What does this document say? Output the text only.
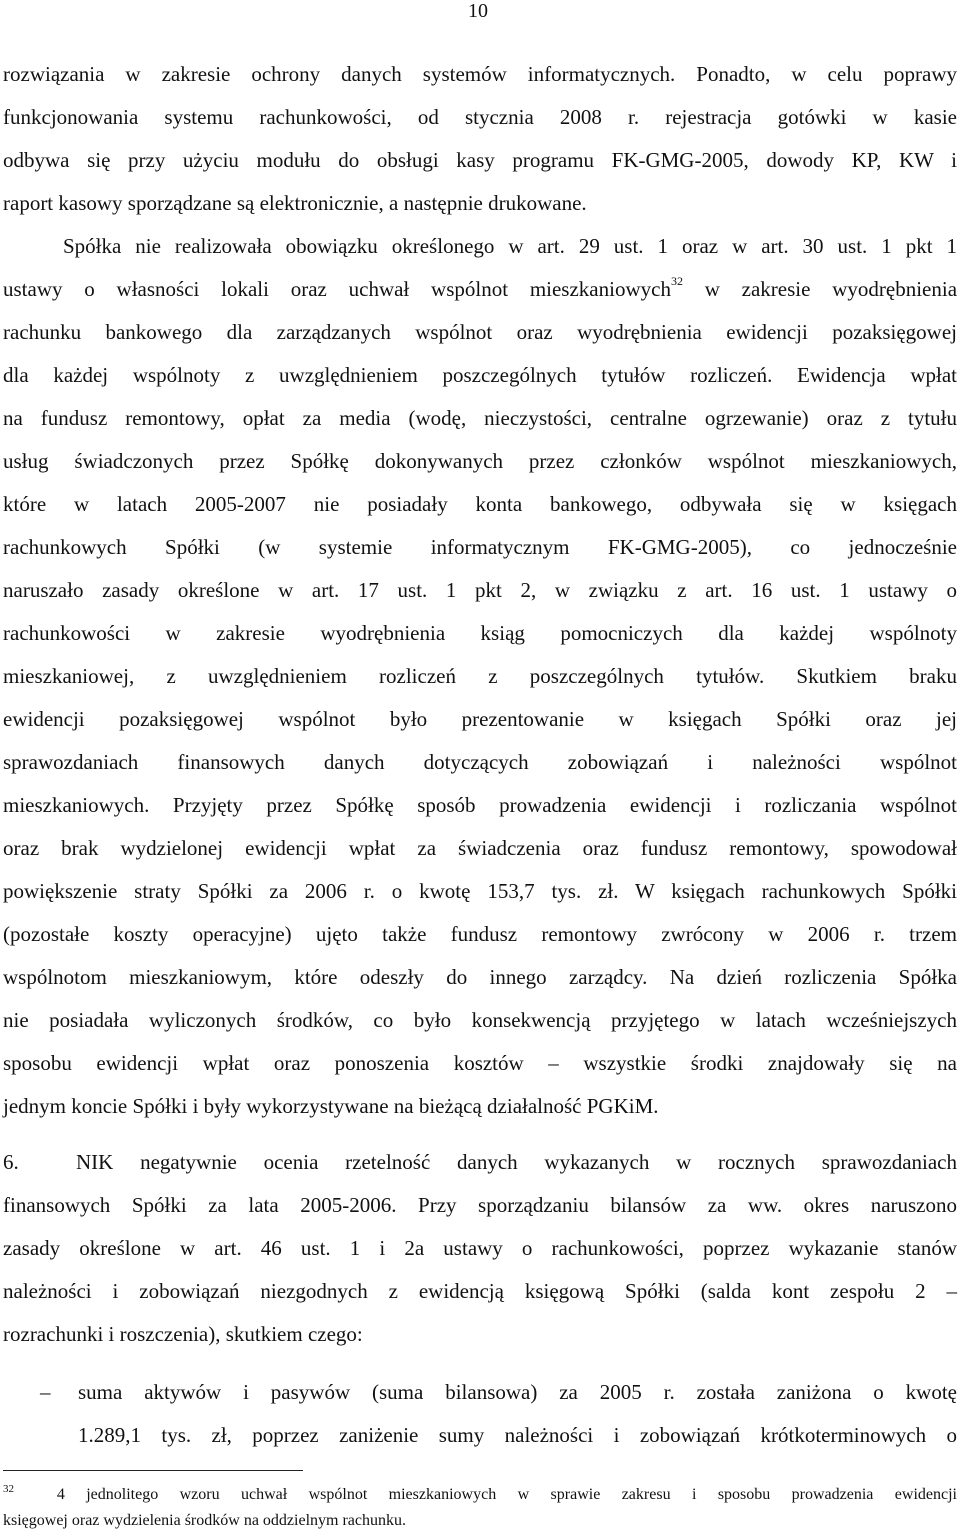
10
rozwiązania w zakresie ochrony danych systemów informatycznych. Ponadto, w celu poprawy
funkcjonowania systemu rachunkowości, od stycznia 2008 r. rejestracja gotówki w kasie
odbywa się przy użyciu modułu do obsługi kasy programu FK-GMG-2005, dowody KP, KW i
raport kasowy sporządzane są elektronicznie, a następnie drukowane.
Spółka nie realizowała obowiązku określonego w art. 29 ust. 1 oraz w art. 30 ust. 1 pkt 1
ustawy o własności lokali oraz uchwał wspólnot mieszkaniowych$^{32}$ w zakresie wyodrębnienia
rachunku bankowego dla zarządzanych wspólnot oraz wyodrębnienia ewidencji pozaksięgowej
dla każdej wspólnoty z uwzględnieniem poszczególnych tytułów rozliczeń. Ewidencja wpłat
na fundusz remontowy, opłat za media (wodę, nieczystości, centralne ogrzewanie) oraz z tytułu
usług świadczonych przez Spółkę dokonywanych przez członków wspólnot mieszkaniowych,
które w latach 2005-2007 nie posiadały konta bankowego, odbywała się w księgach
rachunkowych Spółki (w systemie informatycznym FK-GMG-2005), co jednocześnie
naruszało zasady określone w art. 17 ust. 1 pkt 2, w związku z art. 16 ust. 1 ustawy o
rachunkowości w zakresie wyodrębnienia ksiąg pomocniczych dla każdej wspólnoty
mieszkaniowej, z uwzględnieniem rozliczeń z poszczególnych tytułów. Skutkiem braku
ewidencji pozaksięgowej wspólnot było prezentowanie w księgach Spółki oraz jej
sprawozdaniach finansowych danych dotyczących zobowiązań i należności wspólnot
mieszkaniowych. Przyjęty przez Spółkę sposób prowadzenia ewidencji i rozliczania wspólnot
oraz brak wydzielonej ewidencji wpłat za świadczenia oraz fundusz remontowy, spowodował
powiększenie straty Spółki za 2006 r. o kwotę 153,7 tys. zł. W księgach rachunkowych Spółki
(pozostałe koszty operacyjne) ujęto także fundusz remontowy zwrócony w 2006 r. trzem
wspólnotom mieszkaniowym, które odeszły do innego zarządcy. Na dzień rozliczenia Spółka
nie posiadała wyliczonych środków, co było konsekwencją przyjętego w latach wcześniejszych
sposobu ewidencji wpłat oraz ponoszenia kosztów – wszystkie środki znajdowały się na
jednym koncie Spółki i były wykorzystywane na bieżącą działalność PGKiM.
6.	NIK negatywnie ocenia rzetelność danych wykazanych w rocznych sprawozdaniach
finansowych Spółki za lata 2005-2006. Przy sporządzaniu bilansów za ww. okres naruszono
zasady określone w art. 46 ust. 1 i 2a ustawy o rachunkowości, poprzez wykazanie stanów
należności i zobowiązań niezgodnych z ewidencją księgową Spółki (salda kont zespołu 2 –
rozrachunki i roszczenia), skutkiem czego:
–	suma aktywów i pasywów (suma bilansowa) za 2005 r. została zaniżona o kwotę
1.289,1 tys. zł, poprzez zaniżenie sumy należności i zobowiązań krótkoterminowych o
$^{32}$	4 jednolitego wzoru uchwał wspólnot mieszkaniowych w sprawie zakresu i sposobu prowadzenia ewidencji
księgowej oraz wydzielenia środków na oddzielnym rachunku.
